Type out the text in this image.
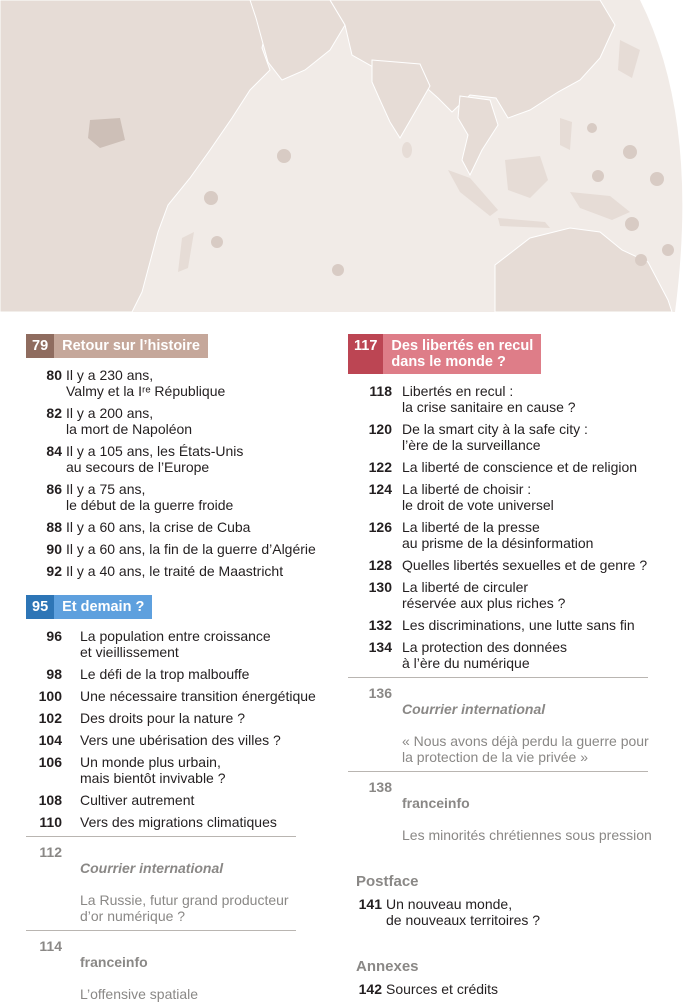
79 Retour sur l’histoire
80 Il y a 230 ans,
Valmy et la Iʳᵉ République
82 Il y a 200 ans,
la mort de Napoléon
84 Il y a 105 ans, les États-Unis
au secours de l’Europe
86 Il y a 75 ans,
le début de la guerre froide
88 Il y a 60 ans, la crise de Cuba
90 Il y a 60 ans, la fin de la guerre d’Algérie
92 Il y a 40 ans, le traité de Maastricht
95 Et demain ?
96 La population entre croissance
et vieillissement
98 Le défi de la trop malbouffe
100 Une nécessaire transition énergétique
102 Des droits pour la nature ?
104 Vers une ubérisation des villes ?
106 Un monde plus urbain,
mais bientôt invivable ?
108 Cultiver autrement
110 Vers des migrations climatiques
112

Courrier international

La Russie, futur grand producteur
d’or numérique ?

114

franceinfo

L’offensive spatiale

117 Des libertés en recul
dans le monde ?
118 Libertés en recul :
la crise sanitaire en cause ?
120 De la smart city à la safe city :
l’ère de la surveillance
122 La liberté de conscience et de religion
124 La liberté de choisir :
le droit de vote universel
126 La liberté de la presse
au prisme de la désinformation
128 Quelles libertés sexuelles et de genre ?
130 La liberté de circuler
réservée aux plus riches ?
132 Les discriminations, une lutte sans fin
134 La protection des données
à l’ère du numérique
136

Courrier international

« Nous avons déjà perdu la guerre pour
la protection de la vie privée »

138

franceinfo

Les minorités chrétiennes sous pression

Postface
141 Un nouveau monde,
de nouveaux territoires ?
Annexes
142 Sources et crédits
